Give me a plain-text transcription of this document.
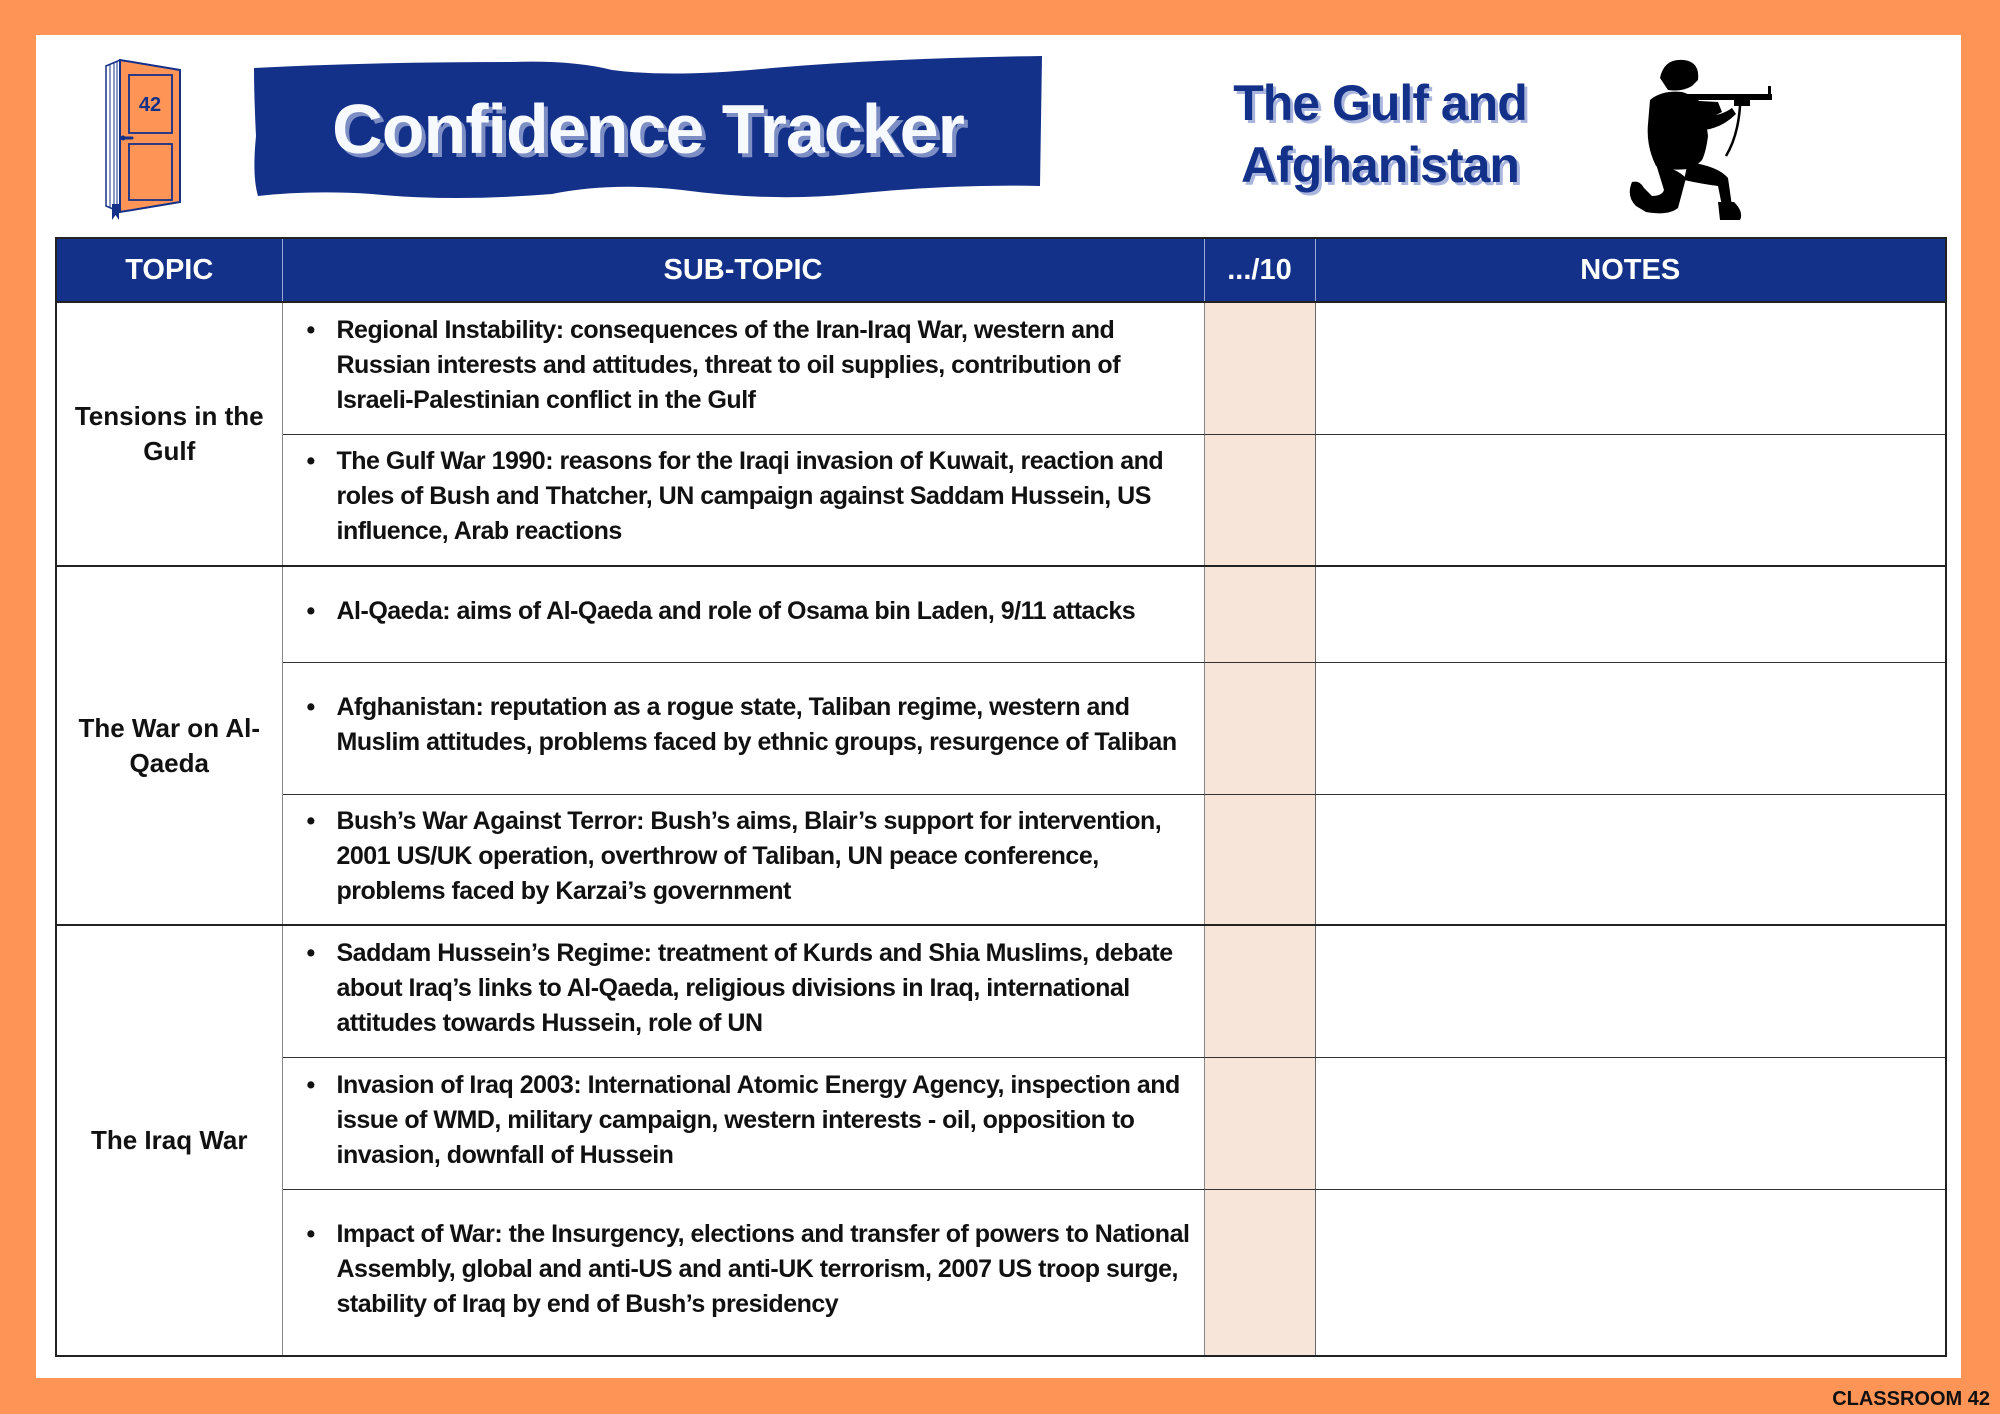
42	Confidence Tracker	The Gulf and
Afghanistan
TOPIC	SUB-TOPIC	.../10	NOTES
Tensions in the Gulf	• Regional Instability: consequences of the Iran-Iraq War, western and Russian interests and attitudes, threat to oil supplies, contribution of Israeli-Palestinian conflict in the Gulf		

	• The Gulf War 1990: reasons for the Iraqi invasion of Kuwait, reaction and roles of Bush and Thatcher, UN campaign against Saddam Hussein, US influence, Arab reactions		

The War on Al-Qaeda	• Al-Qaeda: aims of Al-Qaeda and role of Osama bin Laden, 9/11 attacks		

	• Afghanistan: reputation as a rogue state, Taliban regime, western and Muslim attitudes, problems faced by ethnic groups, resurgence of Taliban		

	• Bush’s War Against Terror: Bush’s aims, Blair’s support for intervention, 2001 US/UK operation, overthrow of Taliban, UN peace conference, problems faced by Karzai’s government		

The Iraq War	• Saddam Hussein’s Regime: treatment of Kurds and Shia Muslims, debate about Iraq’s links to Al-Qaeda, religious divisions in Iraq, international attitudes towards Hussein, role of UN		

	• Invasion of Iraq 2003: International Atomic Energy Agency, inspection and issue of WMD, military campaign, western interests - oil, opposition to invasion, downfall of Hussein		

	• Impact of War: the Insurgency, elections and transfer of powers to National Assembly, global and anti-US and anti-UK terrorism, 2007 US troop surge, stability of Iraq by end of Bush’s presidency		

CLASSROOM 42
